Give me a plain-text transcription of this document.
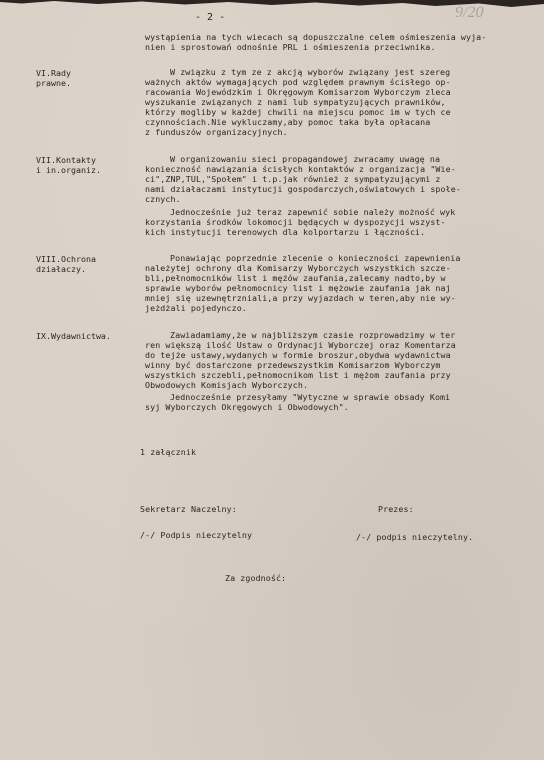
9/20
- 2 -
wystąpienia na tych wiecach są dopuszczalne celem ośmieszenia wyja-
nien i sprostowań odnośnie PRL i ośmieszenia przeciwnika.
VI.Rady
prawne.
W związku z tym ze z akcją wyborów związany jest szereg
ważnych aktów wymagających pod względem prawnym ścisłego op-
racowania Wojewódzkim i Okręgowym Komisarzom Wyborczym zleca
wyszukanie związanych z nami lub sympatyzujących prawników,
którzy mogliby w każdej chwili na miejscu pomoc im w tych ce
czynnościach.Nie wykluczamy,aby pomoc taka była opłacana
z funduszów organizacyjnych.
VII.Kontakty
i in.organiz.
W organizowaniu sieci propagandowej zwracamy uwagę na
konieczność nawiązania ścisłych kontaktów z organizacja "Wie-
ci",ZNP,TUL,"Społem" i t.p.jak również z sympatyzującymi z
nami działaczami instytucji gospodarczych,oświatowych i społe-
cznych.
Jednocześnie już teraz zapewnić sobie należy możność wyk
korzystania środków lokomocji będących w dyspozycji wszyst-
kich instytucji terenowych dla kolportarzu i łączności.
VIII.Ochrona
działaczy.
Ponawiając poprzednie zlecenie o konieczności zapewnienia
należytej ochrony dla Komisarzy Wyborczych wszystkich szcze-
bli,pełnomocników list i mężów zaufania,zalecamy nadto,by w
sprawie wyborów pełnomocnicy list i mężowie zaufania jak naj
mniej się uzewnętrzniali,a przy wyjazdach w teren,aby nie wy-
jeżdżali pojedynczo.
IX.Wydawnictwa.	Zawiadamiamy,że w najbliższym czasie rozprowadzimy w ter
ren większą ilość Ustaw o Ordynacji Wyborczej oraz Komentarza
do tejże ustawy,wydanych w formie broszur,obydwa wydawnictwa
winny być dostarczone przedewszystkim Komisarzom Wyborczym
wszystkich szczebli,pełnomocnikom list i mężom zaufania przy
Obwodowych Komisjach Wyborczych.
Jednocześnie przesyłamy "Wytyczne w sprawie obsady Komi
syj Wyborczych Okręgowych i Obwodowych".
1 załącznik
Sekretarz Naczelny:	Prezes:
/-/ Podpis nieczytelny	/-/ podpis nieczytelny.
Za zgodność:
